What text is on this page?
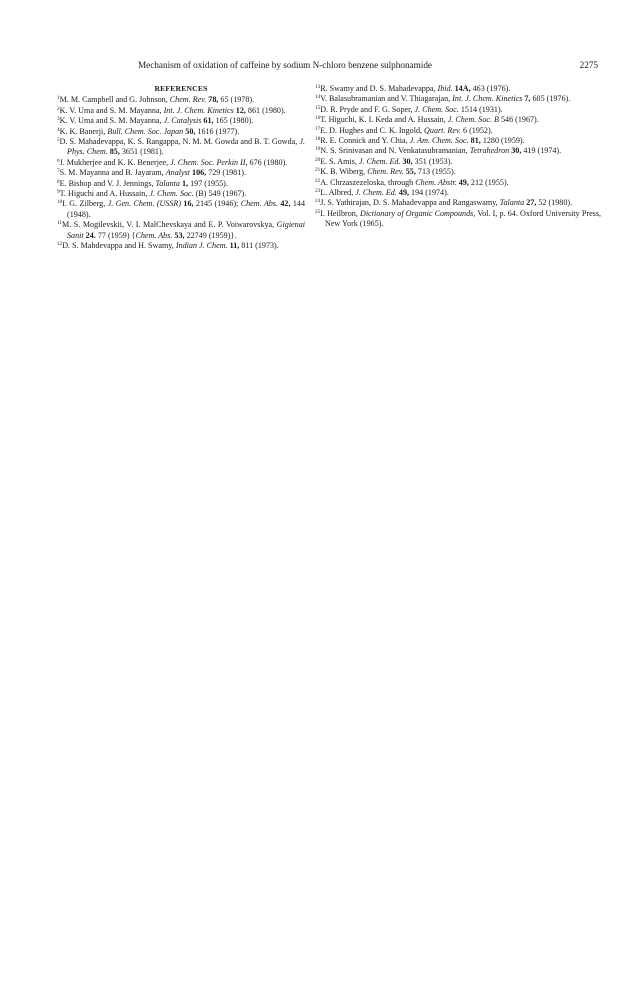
Mechanism of oxidation of caffeine by sodium N-chloro benzene sulphonamide	2275
REFERENCES

$^1$M. M. Campbell and G. Johnson, Chem. Rev. 78, 65 (1978).

$^2$K. V. Uma and S. M. Mayanna, Int. J. Chem. Kinetics 12, 861 (1980).

$^3$K. V. Uma and S. M. Mayanna, J. Catalysis 61, 165 (1980).

$^4$K. K. Banerji, Bull. Chem. Soc. Japan 50, 1616 (1977).

$^5$D. S. Mahadevappa, K. S. Rangappa, N. M. M. Gowda and B. T. Gowda, J. Phys. Chem. 85, 3651 (1981).

$^6$J. Mukherjee and K. K. Benerjee, J. Chem. Soc. Perkin II, 676 (1980).

$^7$S. M. Mayanna and B. Jayaram, Analyst 106, 729 (1981).

$^8$E. Bishop and V. J. Jennings, Talanta 1, 197 (1955).

$^9$T. Higuchi and A. Hussain, J. Chem. Soc. (B) 549 (1967).

$^{10}$I. G. Zilberg, J. Gen. Chem. (USSR) 16, 2145 (1946); Chem. Abs. 42, 144 (1948).

$^{11}$M. S. Mogilevskii, V. I. MalChevskaya and E. P. Voiwarovskya, Gigienai Sanit 24. 77 (1959) {Chem. Abs. 53, 22749 (1959)}.

$^{12}$D. S. Mahdevappa and H. Swamy, Indian J. Chem. 11, 811 (1973).

$^{13}$R. Swamy and D. S. Mahadevappa, Ibid. 14A, 463 (1976).

$^{14}$V. Balasubramanian and V. Thiagarajan, Int. J. Chem. Kinetics 7, 605 (1976).

$^{15}$D. R. Pryde and F. G. Soper, J. Chem. Soc. 1514 (1931).

$^{16}$T. Higuchi, K. I. Keda and A. Hussain, J. Chem. Soc. B 546 (1967).

$^{17}$E. D. Hughes and C. K. Ingold, Quart. Rev. 6 (1952).

$^{18}$R. E. Connick and Y. Chia, J. Am. Chem. Soc. 81, 1280 (1959).

$^{19}$N. S. Srinivasan and N. Venkatasubramanian, Tetrahedron 30, 419 (1974).

$^{20}$E. S. Amis, J. Chem. Ed. 30, 351 (1953).

$^{21}$K. B. Wiberg, Chem. Rev. 55, 713 (1955).

$^{22}$A. Chrzaszezeloska, through Chem. Abstr. 49, 212 (1955).

$^{23}$L. Albred, J. Chem. Ed. 49, 194 (1974).

$^{24}$J. S. Yathirajan, D. S. Mahadevappa and Rangaswamy, Talanta 27, 52 (1980).

$^{25}$I. Heilbron, Dictionary of Organic Compounds, Vol. I, p. 64. Oxford University Press, New York (1965).
